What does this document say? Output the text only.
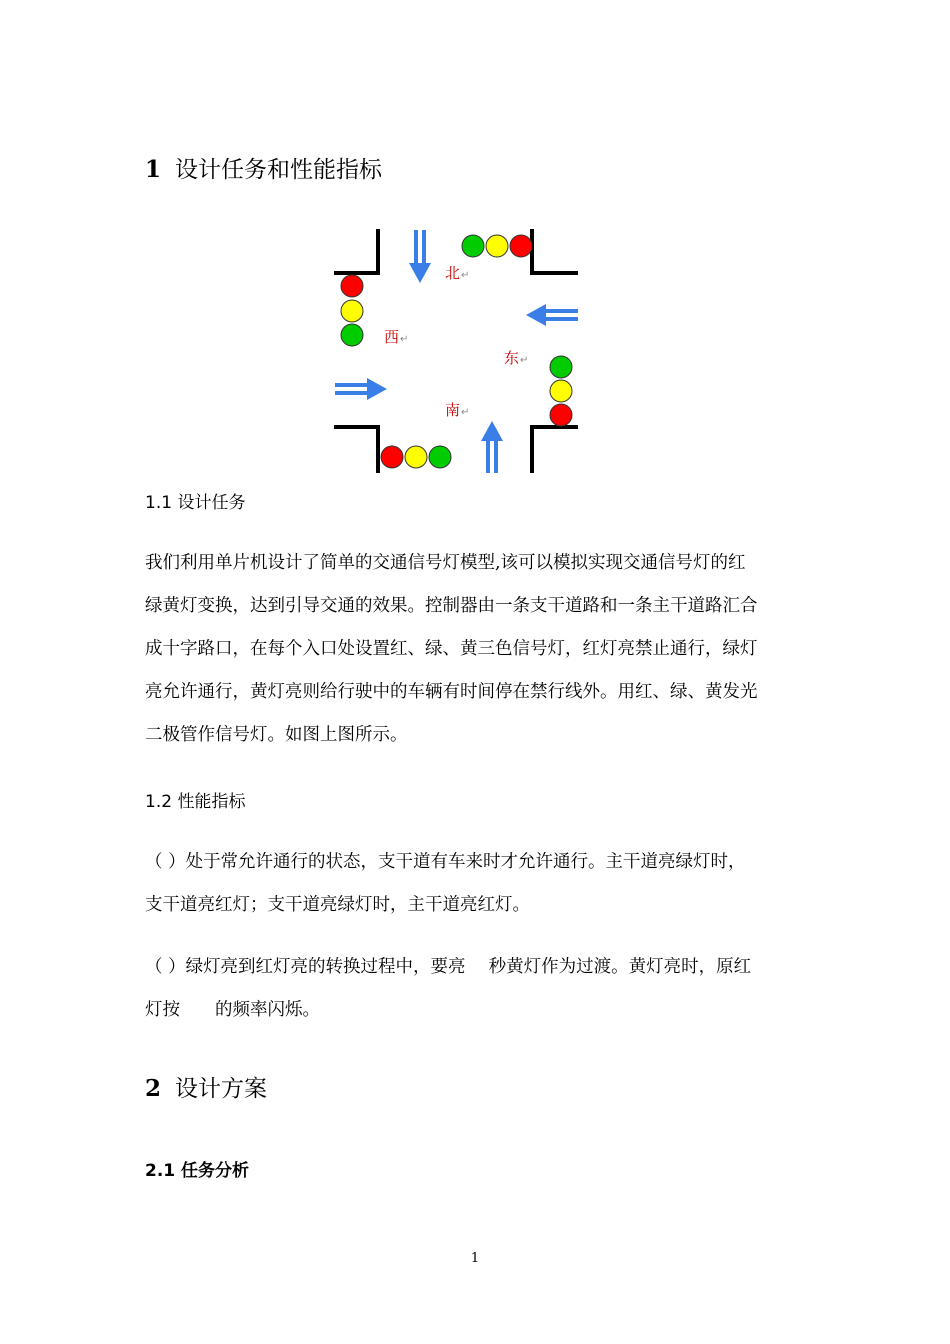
1 设计任务和性能指标
北
西
东
南
↵
↵
↵
↵
1.1 设计任务
我们利用单片机设计了简单的交通信号灯模型,该可以模拟实现交通信号灯的红
绿黄灯变换，达到引导交通的效果。控制器由一条支干道路和一条主干道路汇合
成十字路口，在每个入口处设置红、绿、黄三色信号灯，红灯亮禁止通行，绿灯
亮允许通行，黄灯亮则给行驶中的车辆有时间停在禁行线外。用红、绿、黄发光
二极管作信号灯。如图上图所示。
1.2 性能指标
（ ）处于常允许通行的状态，支干道有车来时才允许通行。主干道亮绿灯时，
支干道亮红灯；支干道亮绿灯时，主干道亮红灯。
（ ）绿灯亮到红灯亮的转换过程中，要亮　 秒黄灯作为过渡。黄灯亮时，原红
灯按　　的频率闪烁。
2 设计方案
2.1 任务分析
1
